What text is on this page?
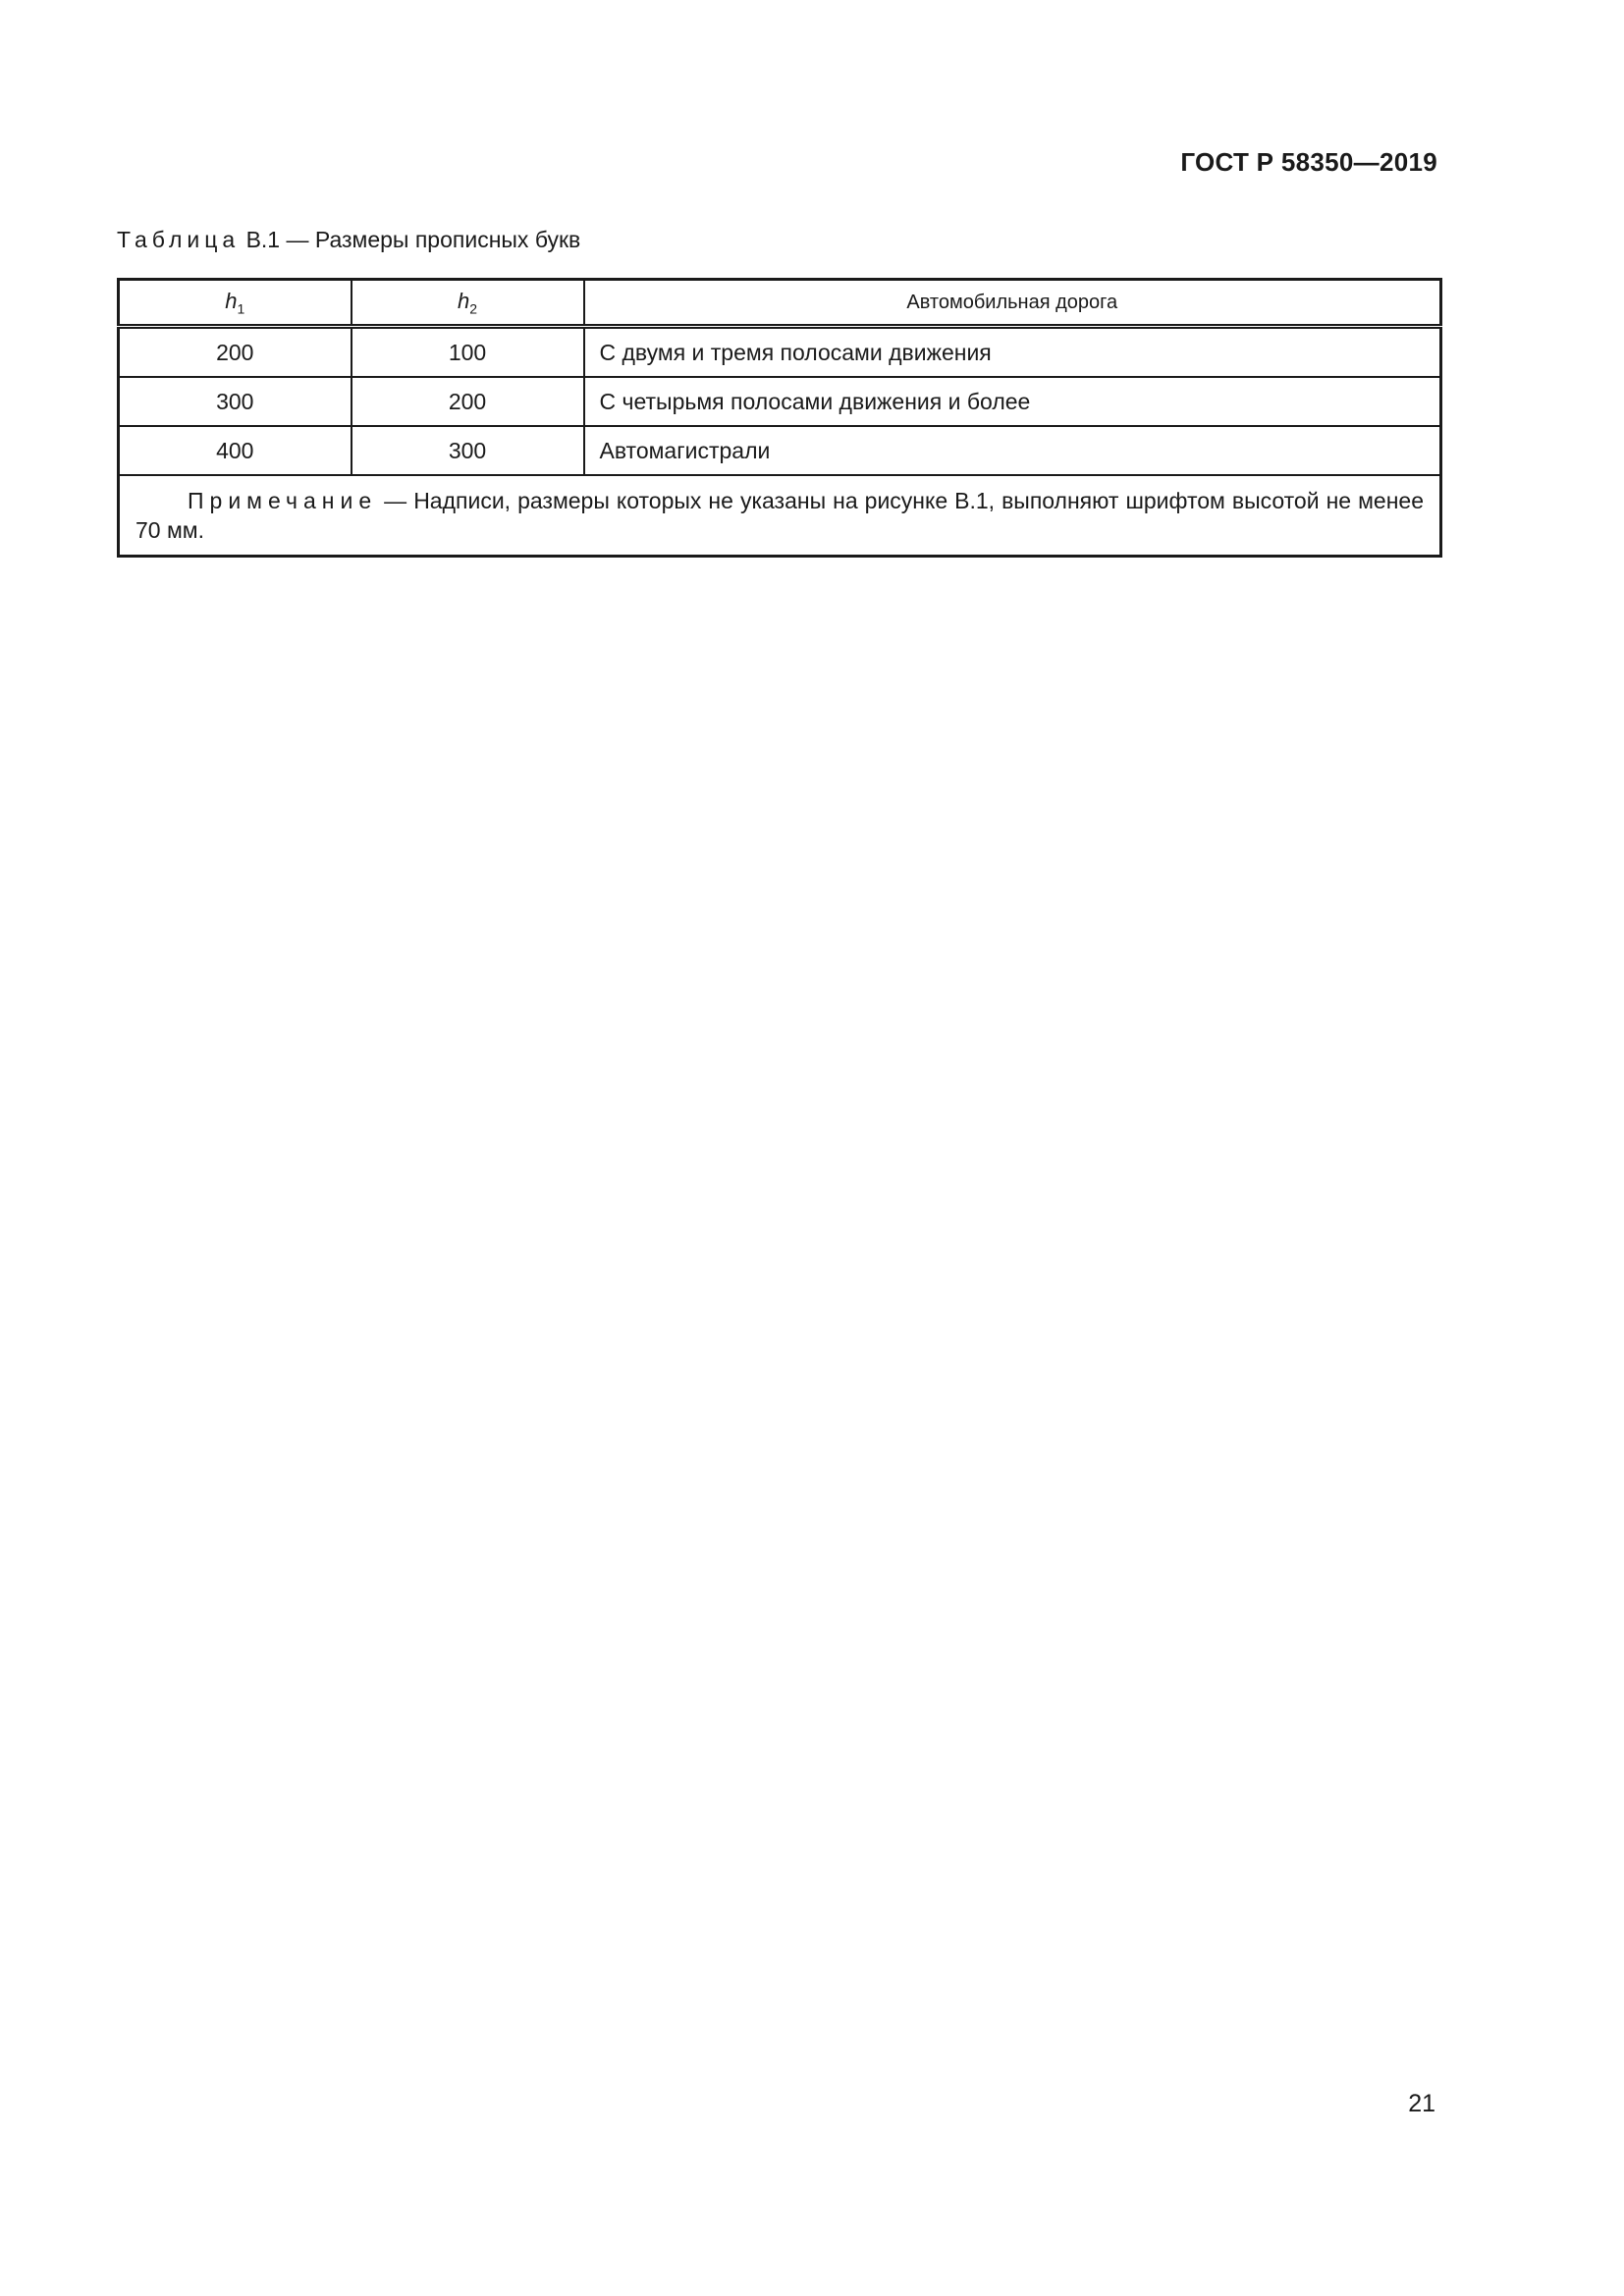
ГОСТ Р 58350—2019
Таблица В.1 — Размеры прописных букв
$h_1$	$h_2$	Автомобильная дорога
200	100	С двумя и тремя полосами движения
300	200	С четырьмя полосами движения и более
400	300	Автомагистрали
Примечание — Надписи, размеры которых не указаны на рисунке В.1, выполняют шрифтом высотой не менее 70 мм.		
21
